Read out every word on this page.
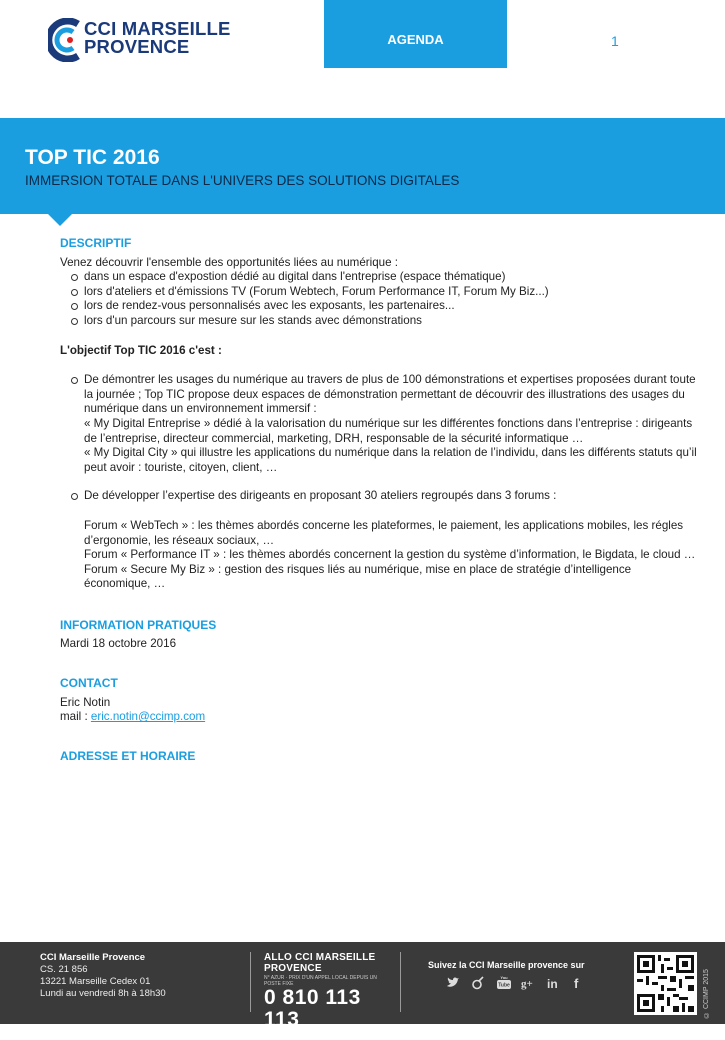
CCI MARSEILLE
PROVENCE	AGENDA	1
TOP TIC 2016
IMMERSION TOTALE DANS L'UNIVERS DES SOLUTIONS DIGITALES
DESCRIPTIF

Venez découvrir l'ensemble des opportunités liées au numérique :

dans un espace d'expostion dédié au digital dans l'entreprise (espace thématique)
lors d'ateliers et d'émissions TV (Forum Webtech, Forum Performance IT, Forum My Biz...)
lors de rendez-vous personnalisés avec les exposants, les partenaires...
lors d'un parcours sur mesure sur les stands avec démonstrations

L'objectif Top TIC 2016 c'est :

De démontrer les usages du numérique au travers de plus de 100 démonstrations et expertises proposées durant toute la journée ; Top TIC propose deux espaces de démonstration permettant de découvrir des illustrations des usages du numérique dans un environnement immersif :
« My Digital Entreprise » dédié à la valorisation du numérique sur les différentes fonctions dans l’entreprise : dirigeants de l’entreprise, directeur commercial, marketing, DRH, responsable de la sécurité informatique …
« My Digital City » qui illustre les applications du numérique dans la relation de l’individu, dans les différents statuts qu’il peut avoir : touriste, citoyen, client, …
De développer l’expertise des dirigeants en proposant 30 ateliers regroupés dans 3 forums :
Forum « WebTech » : les thèmes abordés concerne les plateformes, le paiement, les applications mobiles, les régles d’ergonomie, les réseaux sociaux, …
Forum « Performance IT » : les thèmes abordés concernent la gestion du système d’information, le Bigdata, le cloud …
Forum « Secure My Biz » : gestion des risques liés au numérique, mise en place de stratégie d’intelligence économique, …
INFORMATION PRATIQUES

Mardi 18 octobre 2016

CONTACT

Eric Notin

mail : eric.notin@ccimp.com

ADRESSE ET HORAIRE
CCI Marseille Provence
CS. 21 856
13221 Marseille Cedex 01
Lundi au vendredi 8h à 18h30
ALLO CCI MARSEILLE PROVENCE
N° AZUR · PRIX D'UN APPEL LOCAL DEPUIS UN POSTE FIXE
0 810 113 113
WWW.CCIMP.COM
Suivez la CCI Marseille provence sur
You
Tube g+ in f	© CCIMP 2015
